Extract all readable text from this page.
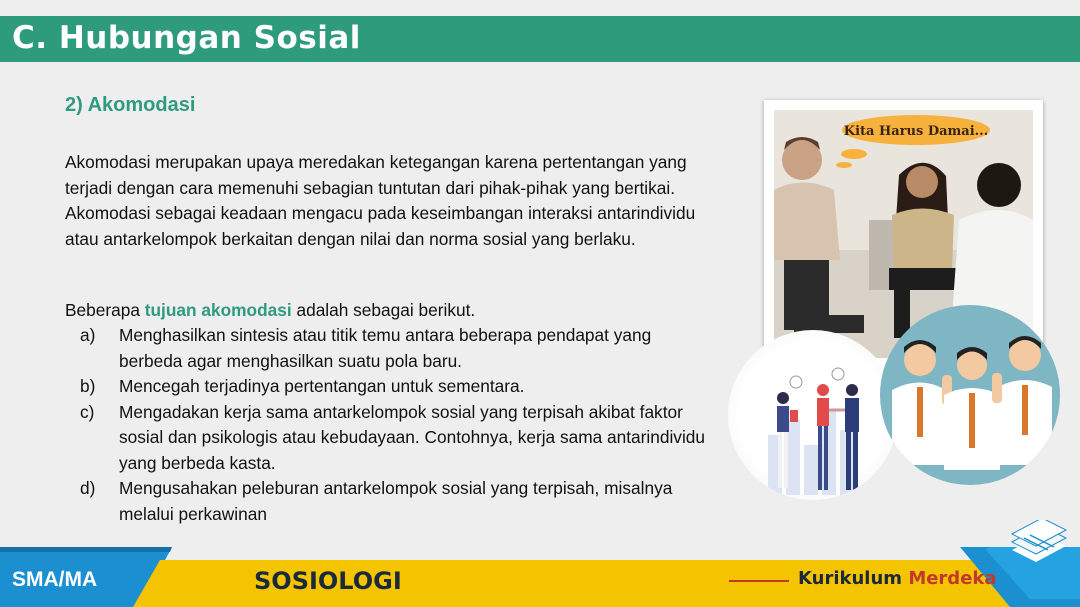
C. Hubungan Sosial
2) Akomodasi
Akomodasi merupakan upaya meredakan ketegangan karena pertentangan yang terjadi dengan cara memenuhi sebagian tuntutan dari pihak-pihak yang bertikai. Akomodasi sebagai keadaan mengacu pada keseimbangan interaksi antarindividu atau antarkelompok berkaitan dengan nilai dan norma sosial yang berlaku.
Beberapa tujuan akomodasi adalah sebagai berikut.
a) Menghasilkan sintesis atau titik temu antara beberapa pendapat yang berbeda agar menghasilkan suatu pola baru.
b) Mencegah terjadinya pertentangan untuk sementara.
c) Mengadakan kerja sama antarkelompok sosial yang terpisah akibat faktor sosial dan psikologis atau kebudayaan. Contohnya, kerja sama antarindividu yang berbeda kasta.
d) Mengusahakan peleburan antarkelompok sosial yang terpisah, misalnya melalui perkawinan
Kita Harus Damai...
SMA/MA	SOSIOLOGI	Kurikulum Merdeka
